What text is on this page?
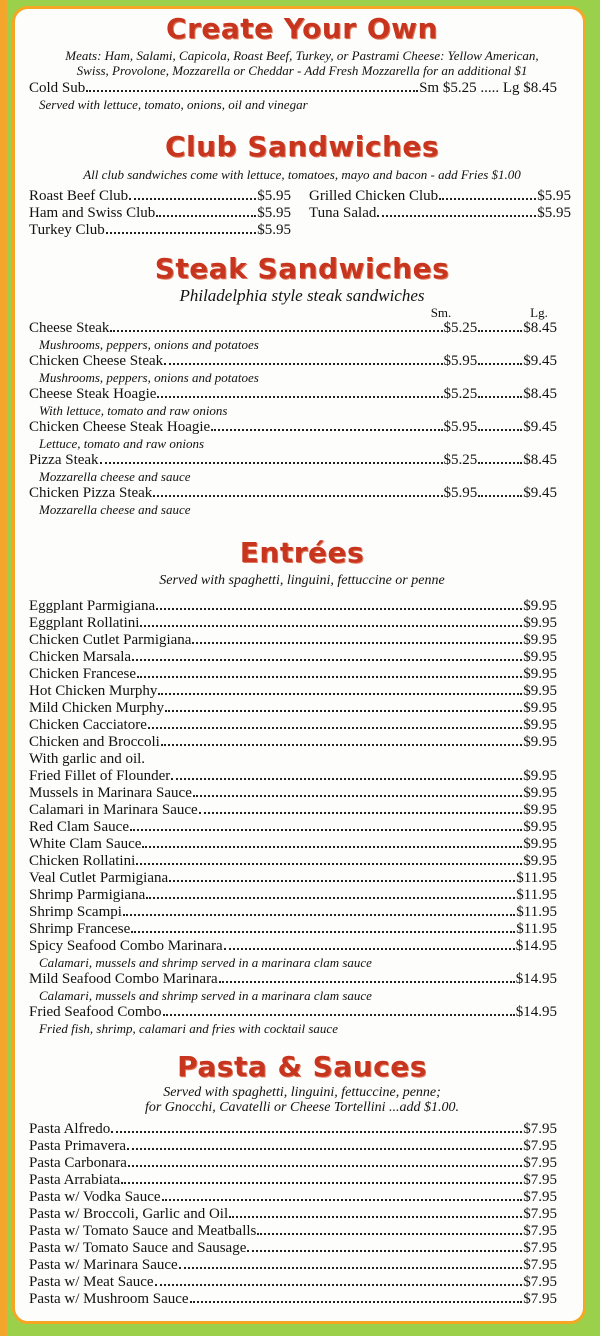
Create Your Own

Meats: Ham, Salami, Capicola, Roast Beef, Turkey, or Pastrami Cheese: Yellow American,

Swiss, Provolone, Mozzarella or Cheddar - Add Fresh Mozzarella for an additional $1

Cold Sub	Sm $5.25 ..... Lg $8.45
Served with lettuce, tomato, onions, oil and vinegar
Club Sandwiches

All club sandwiches come with lettuce, tomatoes, mayo and bacon - add Fries $1.00

Roast Beef Club	$5.95
Ham and Swiss Club	$5.95
Turkey Club	$5.95
Grilled Chicken Club	$5.95
Tuna Salad	$5.95
Steak Sandwiches

Philadelphia style steak sandwiches

Sm.	Lg.
Cheese Steak	$5.25	$8.45
Mushrooms, peppers, onions and potatoes
Chicken Cheese Steak	$5.95	$9.45
Mushrooms, peppers, onions and potatoes
Cheese Steak Hoagie	$5.25	$8.45
With lettuce, tomato and raw onions
Chicken Cheese Steak Hoagie	$5.95	$9.45
Lettuce, tomato and raw onions
Pizza Steak	$5.25	$8.45
Mozzarella cheese and sauce
Chicken Pizza Steak	$5.95	$9.45
Mozzarella cheese and sauce
Entrées

Served with spaghetti, linguini, fettuccine or penne

Eggplant Parmigiana	$9.95
Eggplant Rollatini	$9.95
Chicken Cutlet Parmigiana	$9.95
Chicken Marsala	$9.95
Chicken Francese	$9.95
Hot Chicken Murphy	$9.95
Mild Chicken Murphy	$9.95
Chicken Cacciatore	$9.95
Chicken and Broccoli	$9.95
With garlic and oil.
Fried Fillet of Flounder	$9.95
Mussels in Marinara Sauce	$9.95
Calamari in Marinara Sauce	$9.95
Red Clam Sauce	$9.95
White Clam Sauce	$9.95
Chicken Rollatini	$9.95
Veal Cutlet Parmigiana	$11.95
Shrimp Parmigiana	$11.95
Shrimp Scampi	$11.95
Shrimp Francese	$11.95
Spicy Seafood Combo Marinara	$14.95
Calamari, mussels and shrimp served in a marinara clam sauce
Mild Seafood Combo Marinara	$14.95
Calamari, mussels and shrimp served in a marinara clam sauce
Fried Seafood Combo	$14.95
Fried fish, shrimp, calamari and fries with cocktail sauce
Pasta & Sauces

Served with spaghetti, linguini, fettuccine, penne;

for Gnocchi, Cavatelli or Cheese Tortellini ...add $1.00.

Pasta Alfredo	$7.95
Pasta Primavera	$7.95
Pasta Carbonara	$7.95
Pasta Arrabiata	$7.95
Pasta w/ Vodka Sauce	$7.95
Pasta w/ Broccoli, Garlic and Oil	$7.95
Pasta w/ Tomato Sauce and Meatballs	$7.95
Pasta w/ Tomato Sauce and Sausage	$7.95
Pasta w/ Marinara Sauce	$7.95
Pasta w/ Meat Sauce	$7.95
Pasta w/ Mushroom Sauce	$7.95
